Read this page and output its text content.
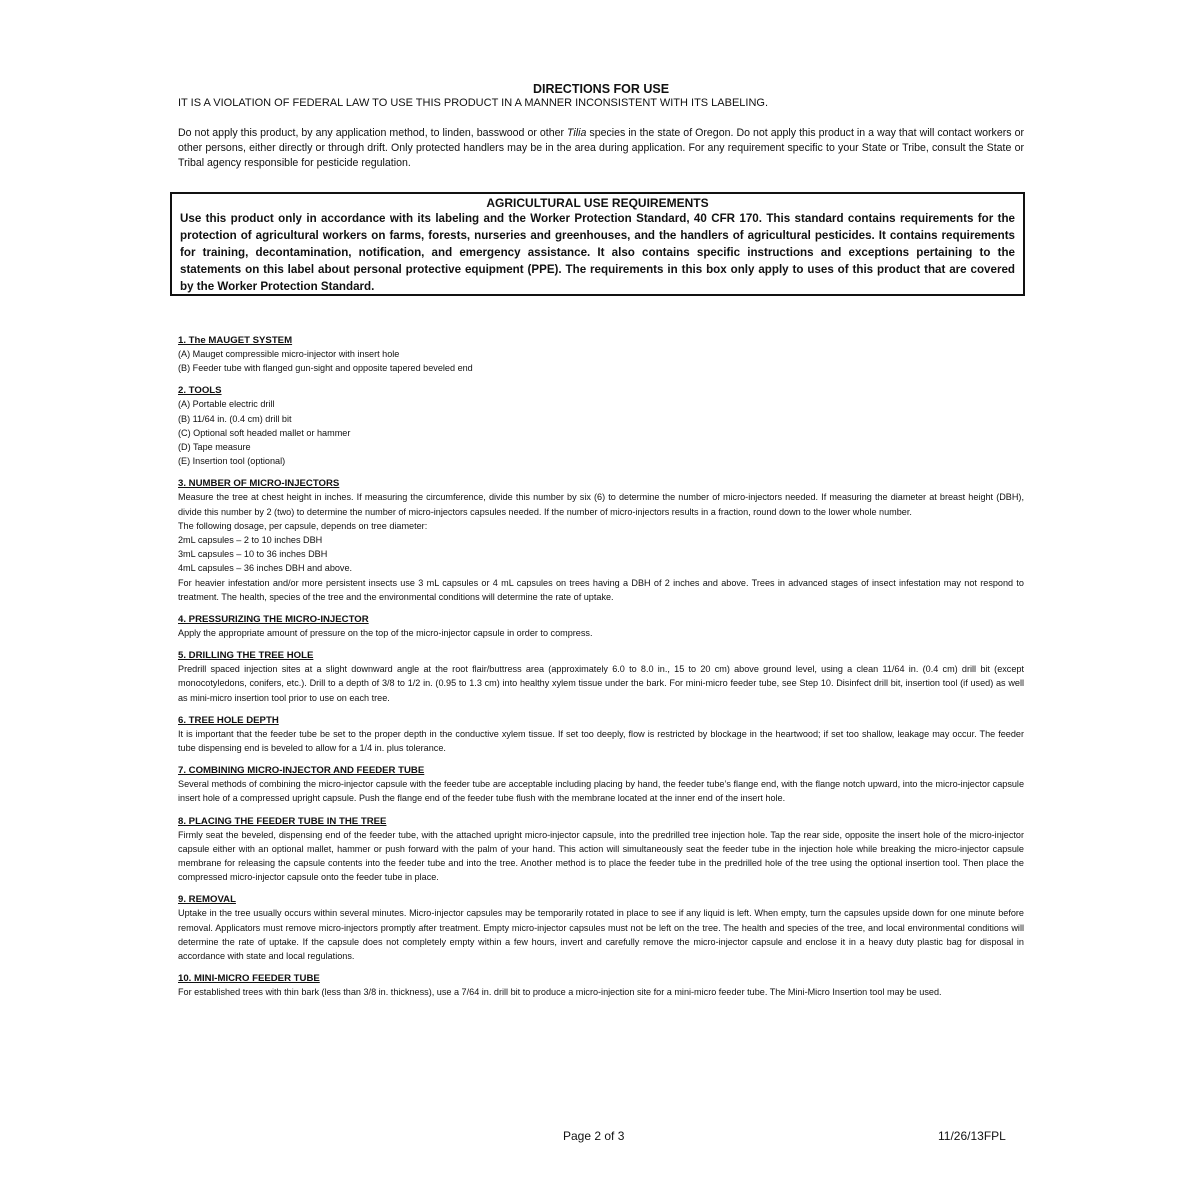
DIRECTIONS FOR USE

IT IS A VIOLATION OF FEDERAL LAW TO USE THIS PRODUCT IN A MANNER INCONSISTENT WITH ITS LABELING.

Do not apply this product, by any application method, to linden, basswood or other Tilia species in the state of Oregon. Do not apply this product in a way that will contact workers or other persons, either directly or through drift. Only protected handlers may be in the area during application. For any requirement specific to your State or Tribe, consult the State or Tribal agency responsible for pesticide regulation.

AGRICULTURAL USE REQUIREMENTS

Use this product only in accordance with its labeling and the Worker Protection Standard, 40 CFR 170. This standard contains requirements for the protection of agricultural workers on farms, forests, nurseries and greenhouses, and the handlers of agricultural pesticides. It contains requirements for training, decontamination, notification, and emergency assistance. It also contains specific instructions and exceptions pertaining to the statements on this label about personal protective equipment (PPE). The requirements in this box only apply to uses of this product that are covered by the Worker Protection Standard.

1. The MAUGET SYSTEM

(A) Mauget compressible micro-injector with insert hole

(B) Feeder tube with flanged gun-sight and opposite tapered beveled end

2. TOOLS

(A) Portable electric drill

(B) 11/64 in. (0.4 cm) drill bit

(C) Optional soft headed mallet or hammer

(D) Tape measure

(E) Insertion tool (optional)

3. NUMBER OF MICRO-INJECTORS

Measure the tree at chest height in inches. If measuring the circumference, divide this number by six (6) to determine the number of micro-injectors needed. If measuring the diameter at breast height (DBH), divide this number by 2 (two) to determine the number of micro-injectors capsules needed. If the number of micro-injectors results in a fraction, round down to the lower whole number.

The following dosage, per capsule, depends on tree diameter:

2mL capsules – 2 to 10 inches DBH

3mL capsules – 10 to 36 inches DBH

4mL capsules – 36 inches DBH and above.

For heavier infestation and/or more persistent insects use 3 mL capsules or 4 mL capsules on trees having a DBH of 2 inches and above. Trees in advanced stages of insect infestation may not respond to treatment. The health, species of the tree and the environmental conditions will determine the rate of uptake.

4. PRESSURIZING THE MICRO-INJECTOR

Apply the appropriate amount of pressure on the top of the micro-injector capsule in order to compress.

5. DRILLING THE TREE HOLE

Predrill spaced injection sites at a slight downward angle at the root flair/buttress area (approximately 6.0 to 8.0 in., 15 to 20 cm) above ground level, using a clean 11/64 in. (0.4 cm) drill bit (except monocotyledons, conifers, etc.). Drill to a depth of 3/8 to 1/2 in. (0.95 to 1.3 cm) into healthy xylem tissue under the bark. For mini-micro feeder tube, see Step 10. Disinfect drill bit, insertion tool (if used) as well as mini-micro insertion tool prior to use on each tree.

6. TREE HOLE DEPTH

It is important that the feeder tube be set to the proper depth in the conductive xylem tissue. If set too deeply, flow is restricted by blockage in the heartwood; if set too shallow, leakage may occur. The feeder tube dispensing end is beveled to allow for a 1/4 in. plus tolerance.

7. COMBINING MICRO-INJECTOR AND FEEDER TUBE

Several methods of combining the micro-injector capsule with the feeder tube are acceptable including placing by hand, the feeder tube’s flange end, with the flange notch upward, into the micro-injector capsule insert hole of a compressed upright capsule. Push the flange end of the feeder tube flush with the membrane located at the inner end of the insert hole.

8. PLACING THE FEEDER TUBE IN THE TREE

Firmly seat the beveled, dispensing end of the feeder tube, with the attached upright micro-injector capsule, into the predrilled tree injection hole. Tap the rear side, opposite the insert hole of the micro-injector capsule either with an optional mallet, hammer or push forward with the palm of your hand. This action will simultaneously seat the feeder tube in the injection hole while breaking the micro-injector capsule membrane for releasing the capsule contents into the feeder tube and into the tree. Another method is to place the feeder tube in the predrilled hole of the tree using the optional insertion tool. Then place the compressed micro-injector capsule onto the feeder tube in place.

9. REMOVAL

Uptake in the tree usually occurs within several minutes. Micro-injector capsules may be temporarily rotated in place to see if any liquid is left. When empty, turn the capsules upside down for one minute before removal. Applicators must remove micro-injectors promptly after treatment. Empty micro-injector capsules must not be left on the tree. The health and species of the tree, and local environmental conditions will determine the rate of uptake. If the capsule does not completely empty within a few hours, invert and carefully remove the micro-injector capsule and enclose it in a heavy duty plastic bag for disposal in accordance with state and local regulations.

10. MINI-MICRO FEEDER TUBE

For established trees with thin bark (less than 3/8 in. thickness), use a 7/64 in. drill bit to produce a micro-injection site for a mini-micro feeder tube. The Mini-Micro Insertion tool may be used.

Page 2 of 3	11/26/13FPL
